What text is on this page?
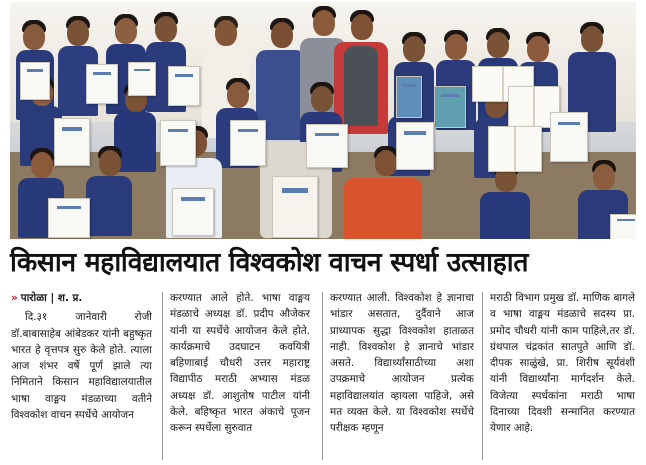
किसान महाविद्यालयात विश्वकोश वाचन स्पर्धा उत्साहात
» पारोळा | श. प्र.

दि.३१ जानेवारी रोजी डॉ.बाबासाहेब आंबेडकर यांनी बहुष्कृत भारत हे वृत्तपत्र सुरु केले होते. त्याला आज शंभर वर्षे पूर्ण झाले त्या निमिताने किसान महाविद्यालयातील भाषा वाङ्मय मंडळाच्या वतीने विश्वकोश वाचन स्पर्धेचे आयोजन

करण्यात आले होते. भाषा वाङ्मय मंडळाचे अध्यक्ष डॉ. प्रदीप औजेकर यांनी या स्पर्धेचे आयोजन केले होते. कार्यक्रमाचे उदघाटन कवयित्री बहिणाबाई चौधरी उत्तर महाराष्ट्र विद्यापीठ मराठी अभ्यास मंडळ अध्यक्ष डॉ. आशुतोष पाटील यांनी केले. बहिष्कृत भारत अंकाचे पूजन करून स्पर्धेला सुरुवात

करण्यात आली. विश्वकोश हे ज्ञानाचा भांडार असतात, दुर्दैवाने आज प्राध्यापक सुद्धा विश्वकोश हाताळत नाही. विश्वकोश हे ज्ञानाचे भांडार असते. विद्यार्थ्यांसाठीच्या अशा उपक्रमाचे आयोजन प्रत्येक महाविद्यालयांत व्हायला पाहिजे, असे मत व्यक्त केले. या विश्वकोश स्पर्धेचे परीक्षक म्हणून

मराठी विभाग प्रमुख डॉ. माणिक बागले व भाषा वाङ्मय मंडळाचे सदस्य प्रा. प्रमोद चौधरी यांनी काम पाहिले,तर डॉ. ग्रंथपाल चंद्रकांत सातपुते आणि डॉ. दीपक साळुंखे, प्रा. शिरीष सूर्यवंशी यांनी विद्यार्थ्यांना मार्गदर्शन केले. विजेत्या स्पर्धकांना मराठी भाषा दिनाच्या दिवशी सन्मानित करण्यात येणार आहे.
